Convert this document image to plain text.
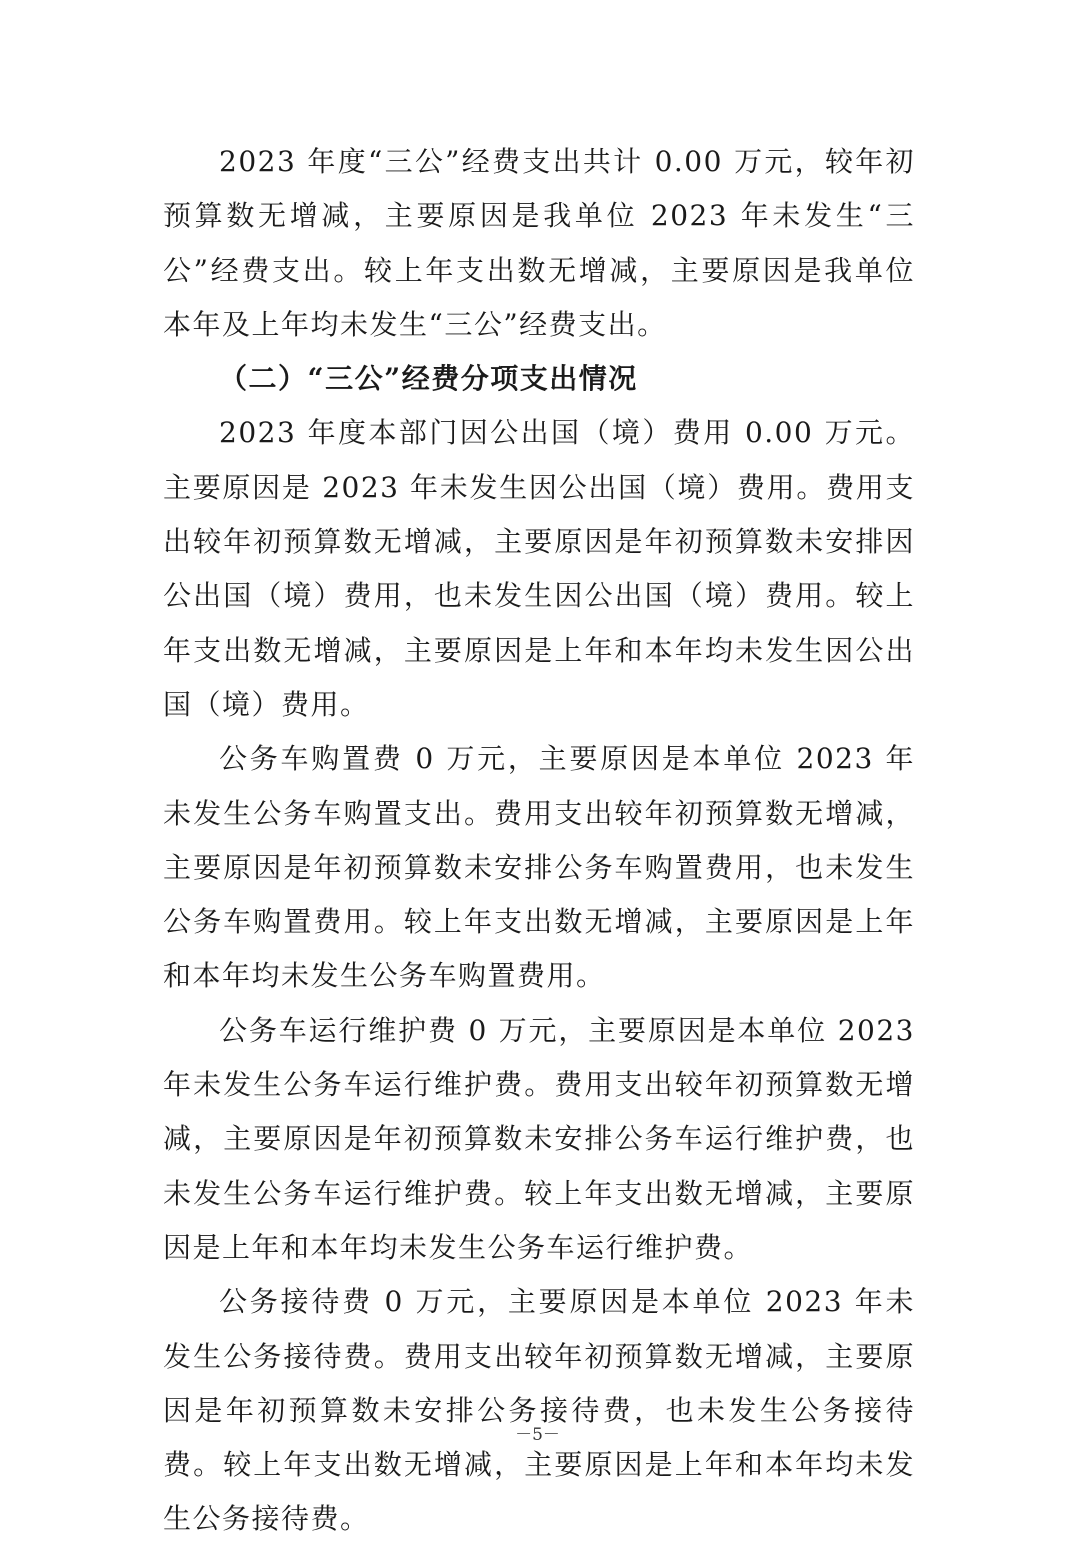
2023 年度“三公”经费支出共计 0.00 万元，较年初预算数无增减，主要原因是我单位 2023 年未发生“三公”经费支出。较上年支出数无增减，主要原因是我单位本年及上年均未发生“三公”经费支出。

（二）“三公”经费分项支出情况

2023 年度本部门因公出国（境）费用 0.00 万元。主要原因是 2023 年未发生因公出国（境）费用。费用支出较年初预算数无增减，主要原因是年初预算数未安排因公出国（境）费用，也未发生因公出国（境）费用。较上年支出数无增减，主要原因是上年和本年均未发生因公出国（境）费用。

公务车购置费 0 万元，主要原因是本单位 2023 年未发生公务车购置支出。费用支出较年初预算数无增减，主要原因是年初预算数未安排公务车购置费用，也未发生公务车购置费用。较上年支出数无增减，主要原因是上年和本年均未发生公务车购置费用。

公务车运行维护费 0 万元，主要原因是本单位 2023 年未发生公务车运行维护费。费用支出较年初预算数无增减，主要原因是年初预算数未安排公务车运行维护费，也未发生公务车运行维护费。较上年支出数无增减，主要原因是上年和本年均未发生公务车运行维护费。

公务接待费 0 万元，主要原因是本单位 2023 年未发生公务接待费。费用支出较年初预算数无增减，主要原因是年初预算数未安排公务接待费，也未发生公务接待费。较上年支出数无增减，主要原因是上年和本年均未发生公务接待费。

－5－
